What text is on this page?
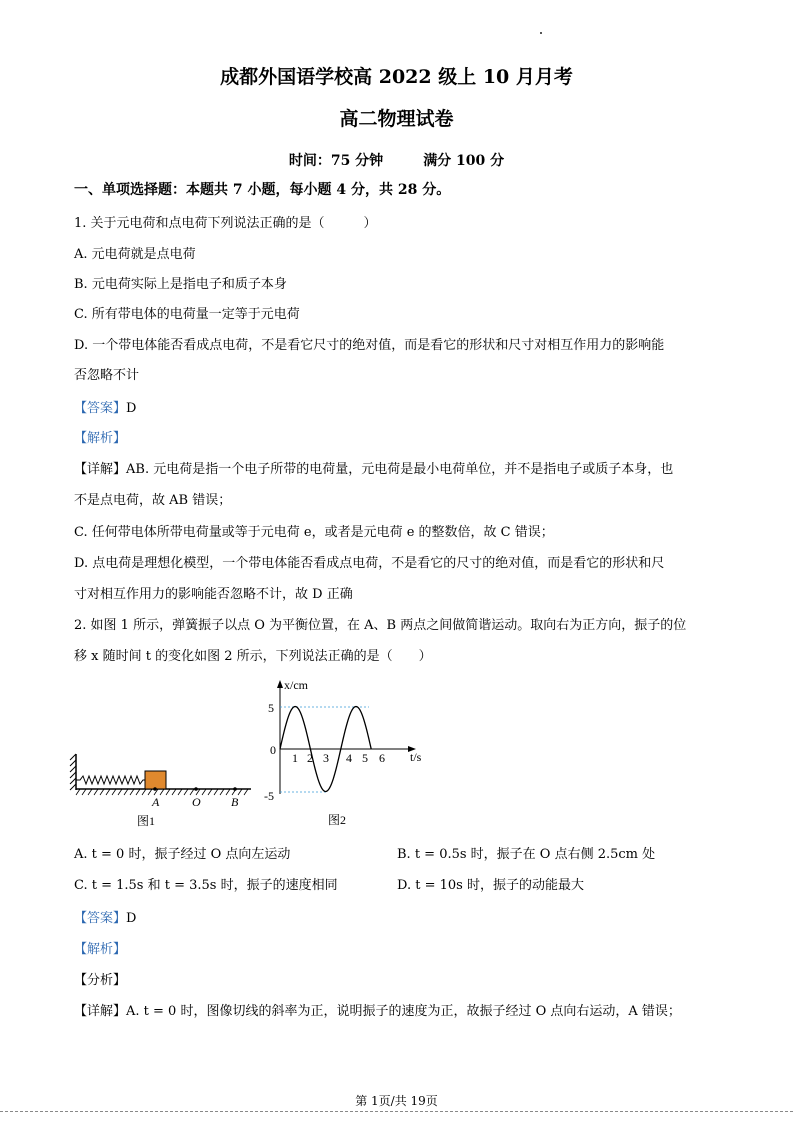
成都外国语学校高 2022 级上 10 月月考
高二物理试卷
时间：75 分钟	满分 100 分
一、单项选择题：本题共 7 小题，每小题 4 分，共 28 分。
1. 关于元电荷和点电荷下列说法正确的是（　　　）
A. 元电荷就是点电荷
B. 元电荷实际上是指电子和质子本身
C. 所有带电体的电荷量一定等于元电荷
D. 一个带电体能否看成点电荷，不是看它尺寸的绝对值，而是看它的形状和尺寸对相互作用力的影响能
否忽略不计
【答案】D
【解析】
【详解】AB. 元电荷是指一个电子所带的电荷量，元电荷是最小电荷单位，并不是指电子或质子本身，也
不是点电荷，故 AB 错误；
C. 任何带电体所带电荷量或等于元电荷 e，或者是元电荷 e 的整数倍，故 C 错误；
D. 点电荷是理想化模型，一个带电体能否看成点电荷，不是看它的尺寸的绝对值，而是看它的形状和尺
寸对相互作用力的影响能否忽略不计，故 D 正确
2. 如图 1 所示，弹簧振子以点 O 为平衡位置，在 A、B 两点之间做简谐运动。取向右为正方向，振子的位
移 x 随时间 t 的变化如图 2 所示，下列说法正确的是（　　）
A	O	B
图1
x/cm
t/s
0
5
-5
1 2 3 4 5 6
图2
A. t = 0 时，振子经过 O 点向左运动	B. t = 0.5s 时，振子在 O 点右侧 2.5cm 处
C. t = 1.5s 和 t = 3.5s 时，振子的速度相同	D. t = 10s 时，振子的动能最大
【答案】D
【解析】
【分析】
【详解】A. t = 0 时，图像切线的斜率为正，说明振子的速度为正，故振子经过 O 点向右运动，A 错误；
第 1页/共 19页
